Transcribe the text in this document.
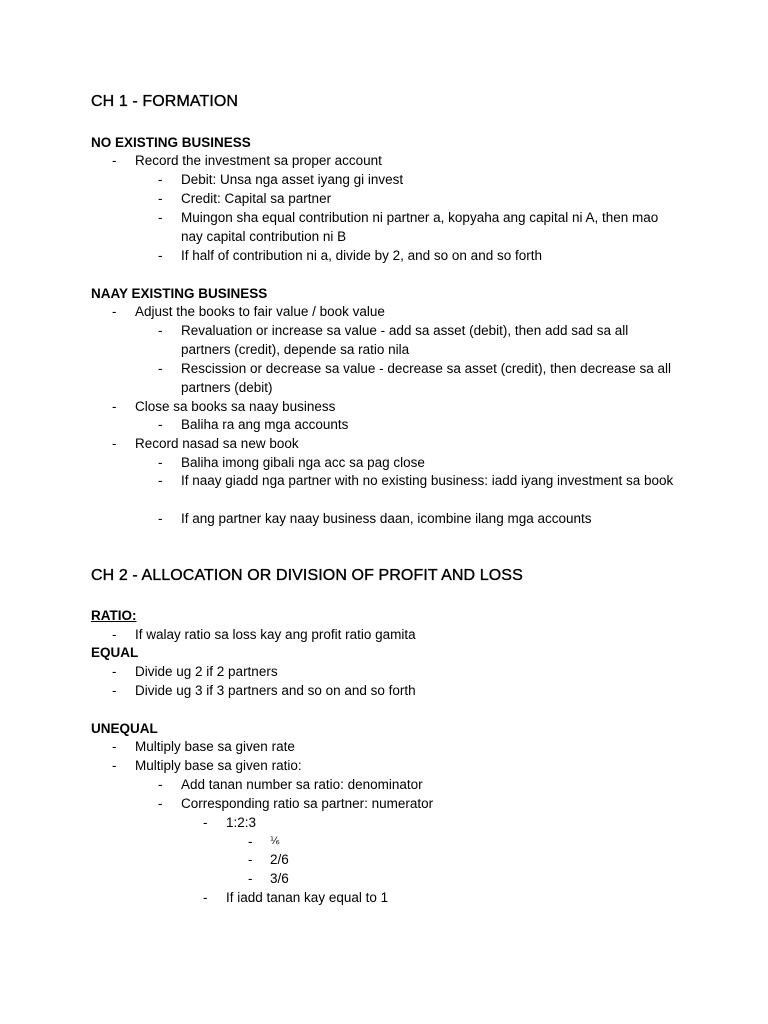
CH 1 - FORMATION
NO EXISTING BUSINESS
- Record the investment sa proper account
- Debit: Unsa nga asset iyang gi invest
- Credit: Capital sa partner
- Muingon sha equal contribution ni partner a, kopyaha ang capital ni A, then mao nay capital contribution ni B
- If half of contribution ni a, divide by 2, and so on and so forth
NAAY EXISTING BUSINESS
- Adjust the books to fair value / book value
- Revaluation or increase sa value - add sa asset (debit), then add sad sa all partners (credit), depende sa ratio nila
- Rescission or decrease sa value - decrease sa asset (credit), then decrease sa all partners (debit)
- Close sa books sa naay business
- Baliha ra ang mga accounts
- Record nasad sa new book
- Baliha imong gibali nga acc sa pag close
- If naay giadd nga partner with no existing business: iadd iyang investment sa book
- If ang partner kay naay business daan, icombine ilang mga accounts
CH 2 - ALLOCATION OR DIVISION OF PROFIT AND LOSS
RATIO:
- If walay ratio sa loss kay ang profit ratio gamita
EQUAL
- Divide ug 2 if 2 partners
- Divide ug 3 if 3 partners and so on and so forth
UNEQUAL
- Multiply base sa given rate
- Multiply base sa given ratio:
- Add tanan number sa ratio: denominator
- Corresponding ratio sa partner: numerator
- 1:2:3
- ⅙
- 2/6
- 3/6
- If iadd tanan kay equal to 1
